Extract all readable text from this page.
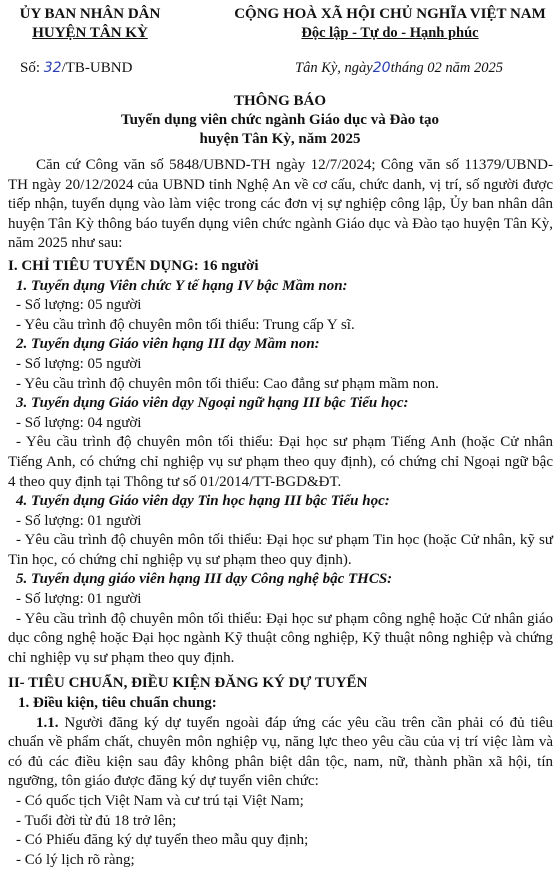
ỦY BAN NHÂN DÂN
HUYỆN TÂN KỲ
CỘNG HOÀ XÃ HỘI CHỦ NGHĨA VIỆT NAM
Độc lập - Tự do - Hạnh phúc
Số: 32/TB-UBND	Tân Kỳ, ngày20tháng 02 năm 2025
THÔNG BÁO
Tuyển dụng viên chức ngành Giáo dục và Đào tạo
huyện Tân Kỳ, năm 2025

Căn cứ Công văn số 5848/UBND-TH ngày 12/7/2024; Công văn số 11379/UBND-TH ngày 20/12/2024 của UBND tỉnh Nghệ An về cơ cấu, chức danh, vị trí, số người được tiếp nhận, tuyển dụng vào làm việc trong các đơn vị sự nghiệp công lập, Ủy ban nhân dân huyện Tân Kỳ thông báo tuyển dụng viên chức ngành Giáo dục và Đào tạo huyện Tân Kỳ, năm 2025 như sau:

I. CHỈ TIÊU TUYỂN DỤNG: 16 người

1. Tuyển dụng Viên chức Y tế hạng IV bậc Mầm non:

- Số lượng: 05 người

- Yêu cầu trình độ chuyên môn tối thiểu: Trung cấp Y sĩ.

2. Tuyển dụng Giáo viên hạng III dạy Mầm non:

- Số lượng: 05 người

- Yêu cầu trình độ chuyên môn tối thiểu: Cao đẳng sư phạm mầm non.

3. Tuyển dụng Giáo viên dạy Ngoại ngữ hạng III bậc Tiểu học:

- Số lượng: 04 người

- Yêu cầu trình độ chuyên môn tối thiểu: Đại học sư phạm Tiếng Anh (hoặc Cử nhân Tiếng Anh, có chứng chỉ nghiệp vụ sư phạm theo quy định), có chứng chỉ Ngoại ngữ bậc 4 theo quy định tại Thông tư số 01/2014/TT-BGD&ĐT.

4. Tuyển dụng Giáo viên dạy Tin học hạng III bậc Tiểu học:

- Số lượng: 01 người

- Yêu cầu trình độ chuyên môn tối thiểu: Đại học sư phạm Tin học (hoặc Cử nhân, kỹ sư Tin học, có chứng chỉ nghiệp vụ sư phạm theo quy định).

5. Tuyển dụng giáo viên hạng III dạy Công nghệ bậc THCS:

- Số lượng: 01 người

- Yêu cầu trình độ chuyên môn tối thiểu: Đại học sư phạm công nghệ hoặc Cử nhân giáo dục công nghệ hoặc Đại học ngành Kỹ thuật công nghiệp, Kỹ thuật nông nghiệp và chứng chỉ nghiệp vụ sư phạm theo quy định.

II- TIÊU CHUẨN, ĐIỀU KIỆN ĐĂNG KÝ DỰ TUYỂN

1. Điều kiện, tiêu chuẩn chung:

1.1. Người đăng ký dự tuyển ngoài đáp ứng các yêu cầu trên cần phải có đủ tiêu chuẩn về phẩm chất, chuyên môn nghiệp vụ, năng lực theo yêu cầu của vị trí việc làm và có đủ các điều kiện sau đây không phân biệt dân tộc, nam, nữ, thành phần xã hội, tín ngưỡng, tôn giáo được đăng ký dự tuyển viên chức:

- Có quốc tịch Việt Nam và cư trú tại Việt Nam;

- Tuổi đời từ đủ 18 trở lên;

- Có Phiếu đăng ký dự tuyển theo mẫu quy định;

- Có lý lịch rõ ràng;
